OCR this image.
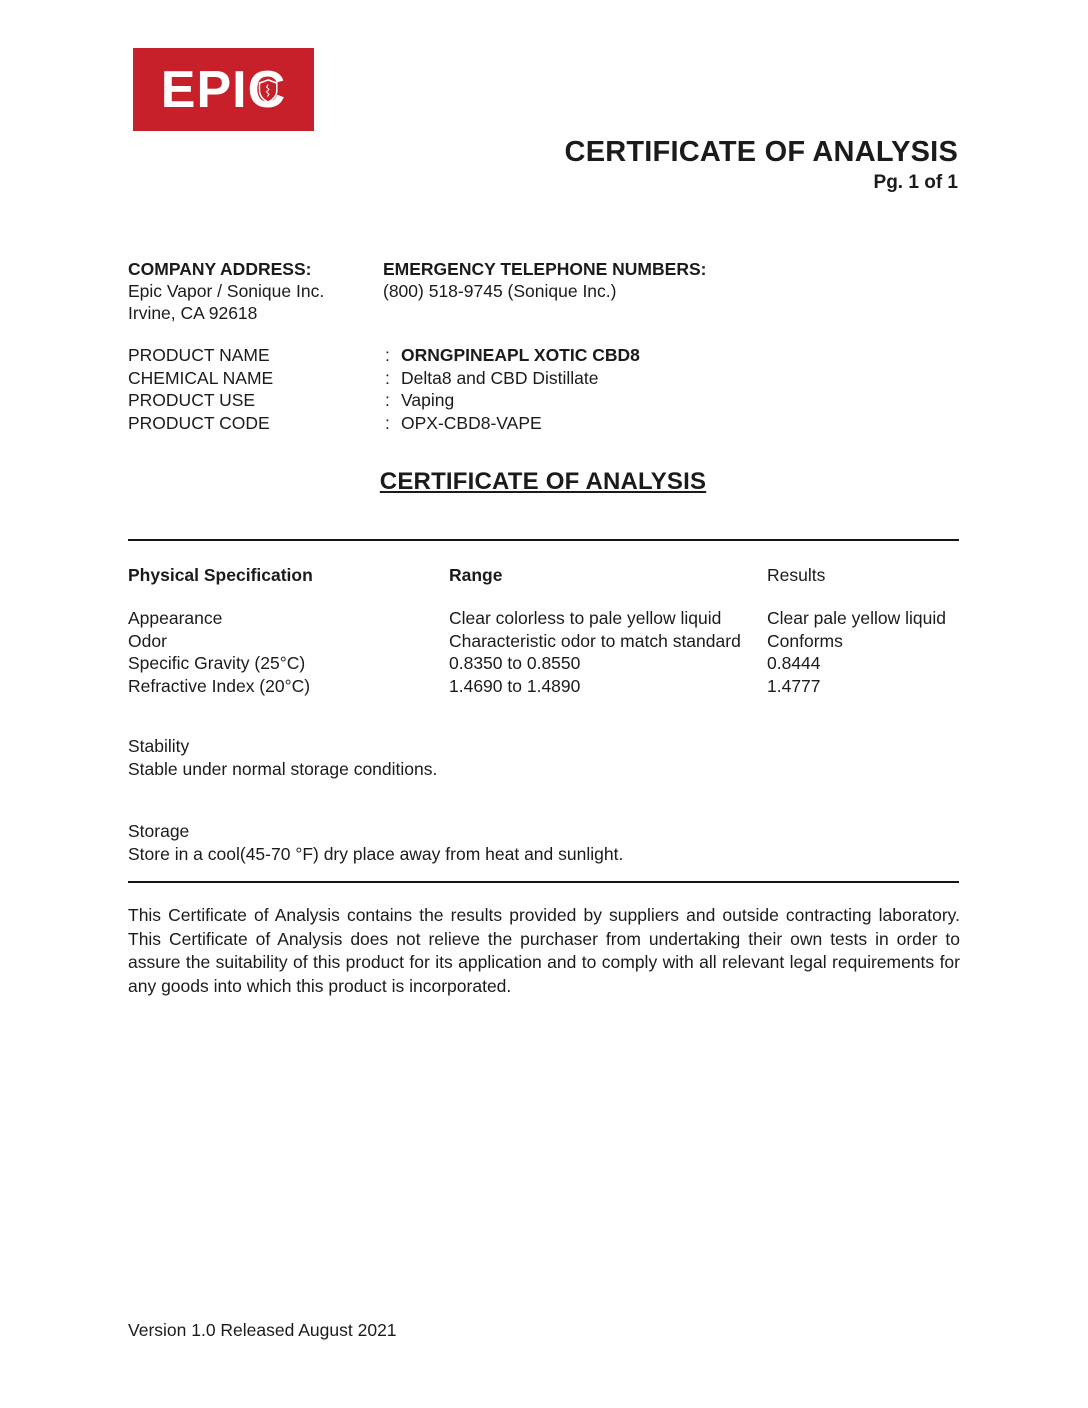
EPI C
CERTIFICATE OF ANALYSIS
Pg. 1 of 1
COMPANY ADDRESS:
Epic Vapor / Sonique Inc.
Irvine, CA 92618
EMERGENCY TELEPHONE NUMBERS:
(800) 518-9745 (Sonique Inc.)
PRODUCT NAME	: ORNGPINEAPL XOTIC CBD8
CHEMICAL NAME	: Delta8 and CBD Distillate
PRODUCT USE	: Vaping
PRODUCT CODE	: OPX-CBD8-VAPE
CERTIFICATE OF ANALYSIS
Physical Specification	Range	Results
Appearance	Clear colorless to pale yellow liquid	Clear pale yellow liquid
Odor	Characteristic odor to match standard	Conforms
Specific Gravity (25°C)	0.8350 to 0.8550	0.8444
Refractive Index (20°C)	1.4690 to 1.4890	1.4777
Stability
Stable under normal storage conditions.
Storage
Store in a cool(45-70 °F) dry place away from heat and sunlight.
This Certificate of Analysis contains the results provided by suppliers and outside contracting laboratory. This Certificate of Analysis does not relieve the purchaser from undertaking their own tests in order to assure the suitability of this product for its application and to comply with all relevant legal requirements for any goods into which this product is incorporated.
Version 1.0 Released August 2021
